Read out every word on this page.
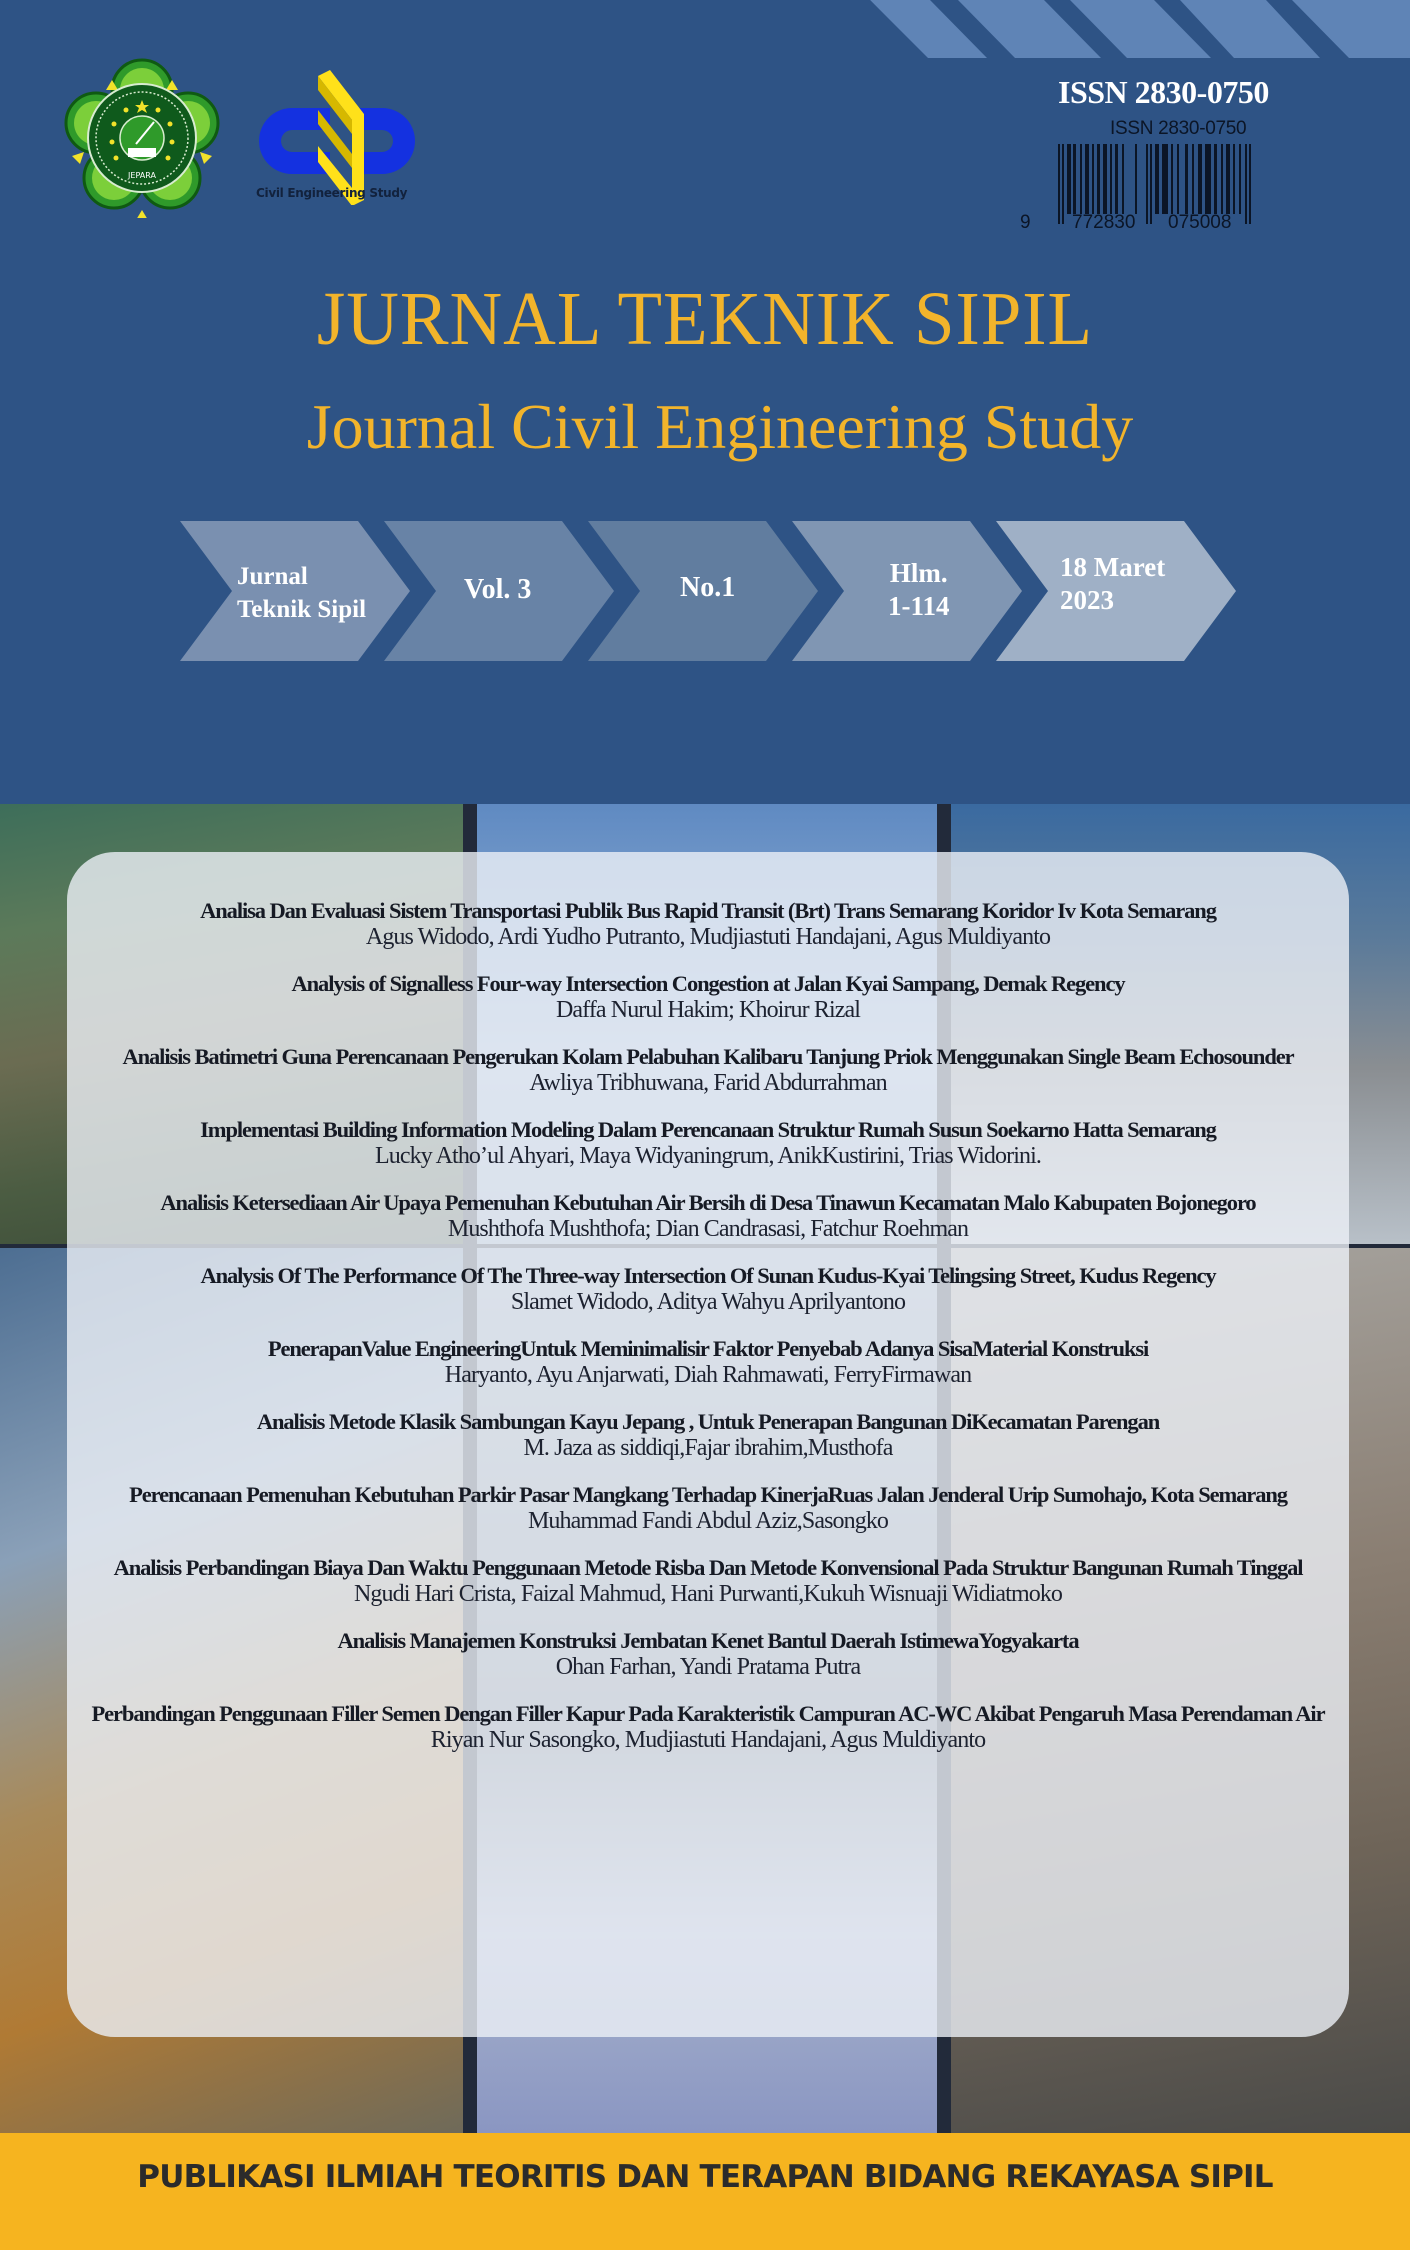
JEPARA
Civil Engineering Study
ISSN 2830-0750
ISSN 2830-0750
9 772830 075008
JURNAL TEKNIK SIPIL
Journal Civil Engineering Study
Jurnal
Teknik Sipil
Vol. 3	No.1	Hlm.
1-114
18 Maret
2023
Analisa Dan Evaluasi Sistem Transportasi Publik Bus Rapid Transit (Brt) Trans Semarang Koridor Iv Kota Semarang
Agus Widodo, Ardi Yudho Putranto, Mudjiastuti Handajani, Agus Muldiyanto
Analysis of Signalless Four-way Intersection Congestion at Jalan Kyai Sampang, Demak Regency
Daffa Nurul Hakim; Khoirur Rizal
Analisis Batimetri Guna Perencanaan Pengerukan Kolam Pelabuhan Kalibaru Tanjung Priok Menggunakan Single Beam Echosounder
Awliya Tribhuwana, Farid Abdurrahman
Implementasi Building Information Modeling Dalam Perencanaan Struktur Rumah Susun Soekarno Hatta Semarang
Lucky Atho’ul Ahyari, Maya Widyaningrum, AnikKustirini, Trias Widorini.
Analisis Ketersediaan Air Upaya Pemenuhan Kebutuhan Air Bersih di Desa Tinawun Kecamatan Malo Kabupaten Bojonegoro
Mushthofa Mushthofa; Dian Candrasasi, Fatchur Roehman
Analysis Of The Performance Of The Three-way Intersection Of Sunan Kudus-Kyai Telingsing Street, Kudus Regency
Slamet Widodo, Aditya Wahyu Aprilyantono
PenerapanValue EngineeringUntuk Meminimalisir Faktor Penyebab Adanya SisaMaterial Konstruksi
Haryanto, Ayu Anjarwati, Diah Rahmawati, FerryFirmawan
Analisis Metode Klasik Sambungan Kayu Jepang , Untuk Penerapan Bangunan DiKecamatan Parengan
M. Jaza as siddiqi,Fajar ibrahim,Musthofa
Perencanaan Pemenuhan Kebutuhan Parkir Pasar Mangkang Terhadap KinerjaRuas Jalan Jenderal Urip Sumohajo, Kota Semarang
Muhammad Fandi Abdul Aziz,Sasongko
Analisis Perbandingan Biaya Dan Waktu Penggunaan Metode Risba Dan Metode Konvensional Pada Struktur Bangunan Rumah Tinggal
Ngudi Hari Crista, Faizal Mahmud, Hani Purwanti,Kukuh Wisnuaji Widiatmoko
Analisis Manajemen Konstruksi Jembatan Kenet Bantul Daerah IstimewaYogyakarta
Ohan Farhan, Yandi Pratama Putra
Perbandingan Penggunaan Filler Semen Dengan Filler Kapur Pada Karakteristik Campuran AC-WC Akibat Pengaruh Masa Perendaman Air
Riyan Nur Sasongko, Mudjiastuti Handajani, Agus Muldiyanto
PUBLIKASI ILMIAH TEORITIS DAN TERAPAN BIDANG REKAYASA SIPIL
